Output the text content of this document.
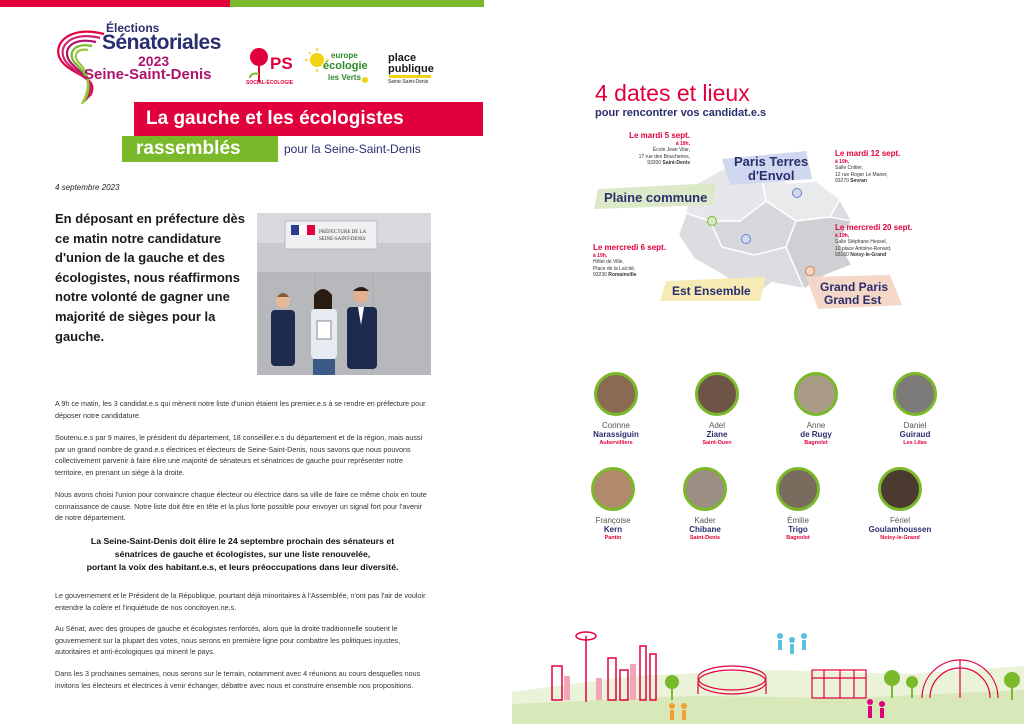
Élections
Sénatoriales
2023
Seine-Saint-Denis
PS
SOCIAL-ÉCOLOGIE
europe
écologie
les Verts
place
publique
Seine-Saint-Denis
La gauche et les écologistes
rassemblés	pour la Seine-Saint-Denis
4 septembre 2023
En déposant en préfecture dès ce matin notre candidature d'union de la gauche et des écologistes, nous réaffirmons notre volonté de gagner une majorité de sièges pour la gauche.
PRÉFECTURE DE LA
SEINE-SAINT-DENIS
A 9h ce matin, les 3 candidat.e.s qui mènent notre liste d'union étaient les premier.e.s à se rendre en préfecture pour déposer notre candidature.
Soutenu.e.s par 9 maires, le président du département, 18 conseiller.e.s du département et de la région, mais aussi par un grand nombre de grand.e.s électrices et électeurs de Seine-Saint-Denis, nous savons que nous pouvons collectivement parvenir à faire élire une majorité de sénateurs et sénatrices de gauche pour représenter notre territoire, en prenant un siège à la droite.
Nous avons choisi l'union pour convaincre chaque électeur ou électrice dans sa ville de faire ce même choix en toute connaissance de cause. Notre liste doit être en tête et la plus forte possible pour envoyer un signal fort pour l'avenir de notre département.
La Seine-Saint-Denis doit élire le 24 septembre prochain des sénateurs et
sénatrices de gauche et écologistes, sur une liste renouvelée,
portant la voix des habitant.e.s, et leurs préoccupations dans leur diversité.
Le gouvernement et le Président de la République, pourtant déjà minoritaires à l'Assemblée, n'ont pas l'air de vouloir entendre la colère et l'inquiétude de nos concitoyen.ne.s.
Au Sénat, avec des groupes de gauche et écologistes renforcés, alors que la droite traditionnelle soutient le gouvernement sur la plupart des votes, nous serons en première ligne pour combattre les politiques injustes, autoritaires et anti-écologiques qui minent le pays.
Dans les 3 prochaines semaines, nous serons sur le terrain, notamment avec 4 réunions au cours desquelles nous invitons les électeurs et électrices à venir échanger, débattre avec nous et construire ensemble nos propositions.
4 dates et lieux
pour rencontrer vos candidat.e.s
Plaine commune
Paris Terres
d'Envol
Est Ensemble	Grand Paris
Grand Est
Le mardi 5 sept.
à 19h,
École Jean Vilar,
17 rue des Boucheries,
93200 Saint-Denis
Le mardi 12 sept.
à 19h,
Salle Cnitier,
12 rue Roger Le Maner,
93270 Sevran
Le mercredi 6 sept.
à 19h,
Hôtel de Ville,
Place de la Laïcité,
93230 Romainville
Le mercredi 20 sept.
à 19h,
Salle Stéphane Hessel,
10 place Antoine-Renard,
93160 Noisy-le-Grand
Corinne
Narassiguin
Aubervilliers
Adel
Ziane
Saint-Ouen
Anne
de Rugy
Bagnolet
Daniel
Guiraud
Les Lilas
Françoise
Kern
Pantin
Kader
Chibane
Saint-Denis
Émilie
Trigo
Bagnolet
Fériel
Goulamhoussen
Noisy-le-Grand
